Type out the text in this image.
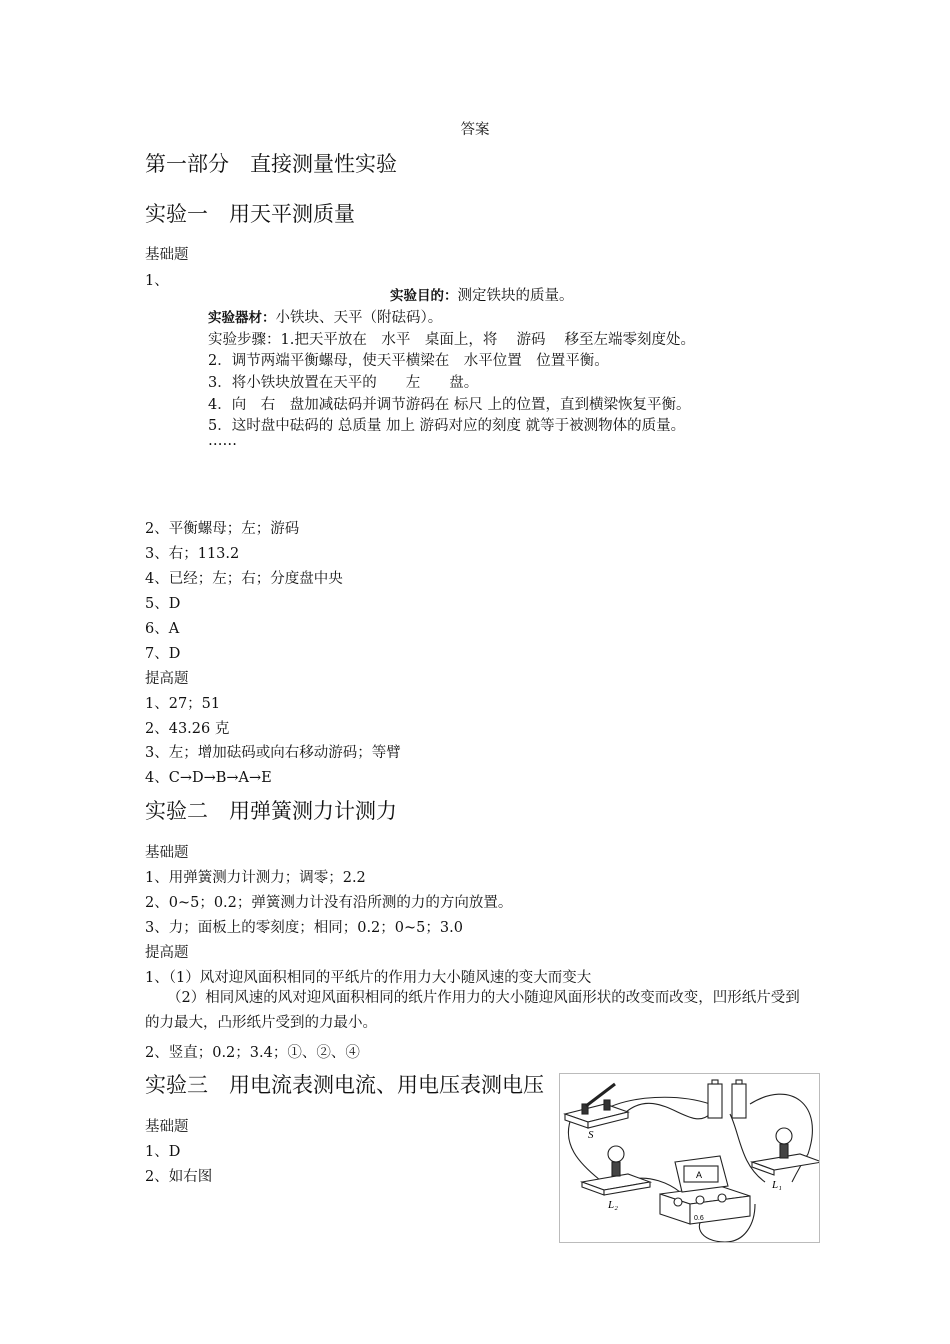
答案
第一部分　直接测量性实验
实验一　用天平测质量
基础题
1、
实验目的：测定铁块的质量。
实验器材：小铁块、天平（附砝码）。
实验步骤：1.把天平放在　水平　桌面上，将　 游码　 移至左端零刻度处。
2．调节两端平衡螺母，使天平横梁在　水平位置　位置平衡。
3．将小铁块放置在天平的　　左　　盘。
4．向　右　盘加减砝码并调节游码在 标尺 上的位置，直到横梁恢复平衡。
5．这时盘中砝码的 总质量 加上 游码对应的刻度 就等于被测物体的质量。
……
2、平衡螺母；左；游码
3、右；113.2
4、已经；左；右；分度盘中央
5、D
6、A
7、D
提高题
1、27；51
2、43.26 克
3、左；增加砝码或向右移动游码；等臂
4、C→D→B→A→E
实验二　用弹簧测力计测力
基础题
1、用弹簧测力计测力；调零；2.2
2、0~5；0.2；弹簧测力计没有沿所测的力的方向放置。
3、力；面板上的零刻度；相同；0.2；0~5；3.0
提高题
1、（1）风对迎风面积相同的平纸片的作用力大小随风速的变大而变大
（2）相同风速的风对迎风面积相同的纸片作用力的大小随迎风面形状的改变而改变，凹形纸片受到的力最大，凸形纸片受到的力最小。
2、竖直；0.2；3.4；①、②、④
实验三　用电流表测电流、用电压表测电压
基础题
1、D
2、如右图
S
L₂
L₁
A
0.6
